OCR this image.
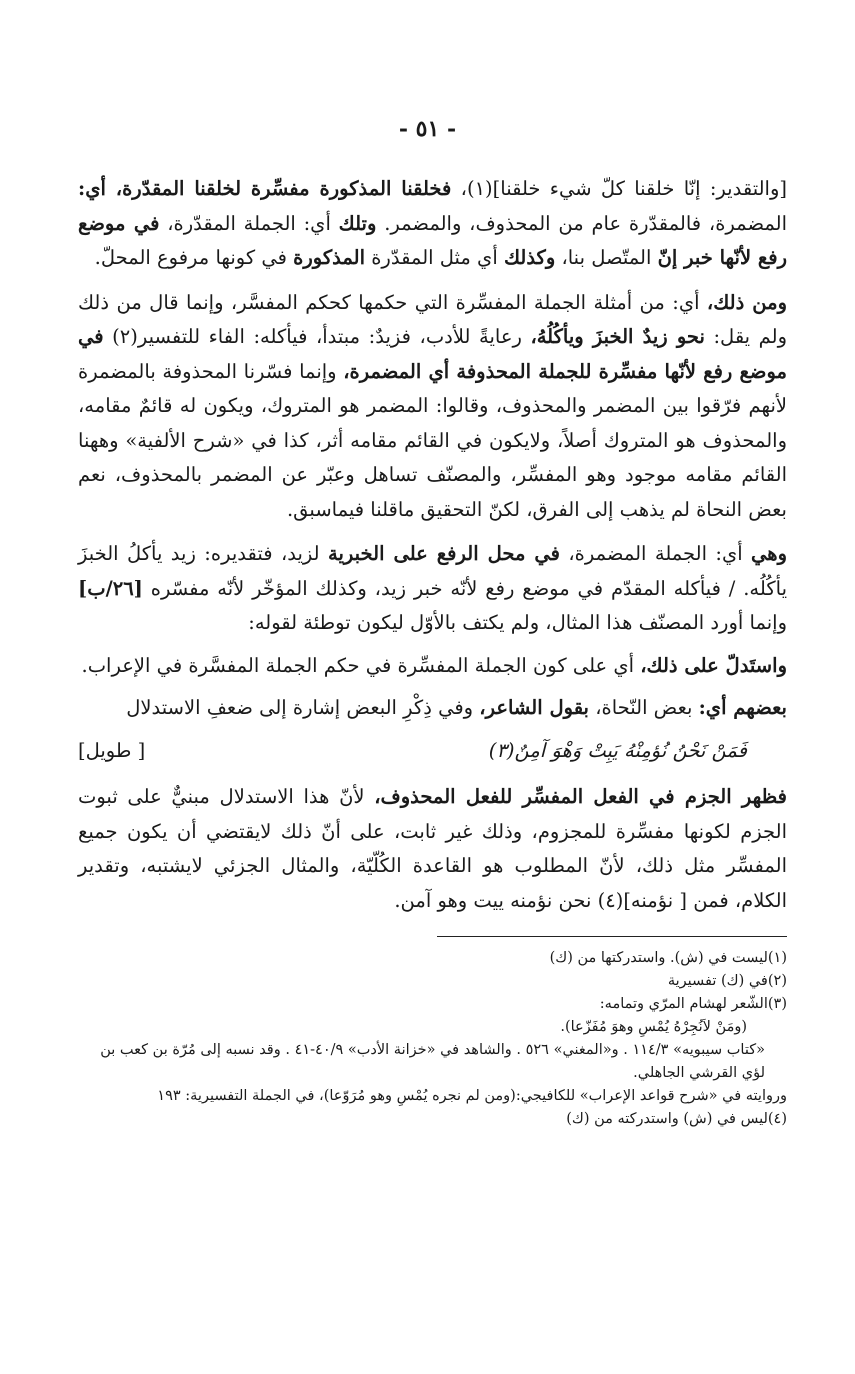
- ٥١ -

[والتقدير: إنّا خلقنا كلّ شيء خلقنا](١)، فخلقنا المذكورة مفسِّرة لخلقنا المقدّرة، أي: المضمرة، فالمقدّرة عام من المحذوف، والمضمر. وتلك أي: الجملة المقدّرة، في موضع رفع لأنّها خبر إنّ المتّصل بنا، وكذلك أي مثل المقدّرة المذكورة في كونها مرفوع المحلّ.

ومن ذلك، أي: من أمثلة الجملة المفسِّرة التي حكمها كحكم المفسَّر، وإنما قال من ذلك ولم يقل: نحو زيدٌ الخبزَ ويأكُلُهُ، رعايةً للأدب، فزيدٌ: مبتدأ، فيأكله: الفاء للتفسير(٢) في موضع رفع لأنّها مفسِّرة للجملة المحذوفة أي المضمرة، وإنما فسّرنا المحذوفة بالمضمرة لأنهم فرّقوا بين المضمر والمحذوف، وقالوا: المضمر هو المتروك، ويكون له قائمٌ مقامه، والمحذوف هو المتروك أصلاً، ولايكون في القائم مقامه أثر، كذا في «شرح الألفية» وههنا القائم مقامه موجود وهو المفسِّر، والمصنّف تساهل وعبّر عن المضمر بالمحذوف، نعم بعض النحاة لم يذهب إلى الفرق، لكنّ التحقيق ماقلنا فيماسبق.

وهي أي: الجملة المضمرة، في محل الرفع على الخبرية لزيد، فتقديره: زيد يأكلُ الخبزَ يأكُلُه. / فيأكله المقدّم في موضع رفع لأنّه خبر زيد، وكذلك المؤخّر لأنّه مفسّره [٢٦/ب] وإنما أورد المصنّف هذا المثال، ولم يكتف بالأوّل ليكون توطئة لقوله:

واستَدلّ على ذلك، أي على كون الجملة المفسِّرة في حكم الجملة المفسَّرة في الإعراب.

بعضهم أي: بعض النّحاة، بقول الشاعر، وفي ذِكْرِ البعض إشارة إلى ضعفِ الاستدلال

فَمَنْ نَحْنُ نُؤمِنْهُ يَبِتْ وَهْوَ آمِنٌ(٣)
[ طويل]

فظهر الجزم في الفعل المفسِّر للفعل المحذوف، لأنّ هذا الاستدلال مبنيٌّ على ثبوت الجزم لكونها مفسِّرة للمجزوم، وذلك غير ثابت، على أنّ ذلك لايقتضي أن يكون جميع المفسِّر مثل ذلك، لأنّ المطلوب هو القاعدة الكُلّيّة، والمثال الجزئي لايشتبه، وتقدير الكلام، فمن [ نؤمنه](٤) نحن نؤمنه ييت وهو آمن.

(١)ليست في (ش). واستدركتها من (ك)

(٢)في (ك) تفسيرية

(٣)الشّعر لهشام المرّي وتمامه:

(ومَنْ لاَنُجِرْهُ يُمْسِ وهوَ مُفَزّعا).

«كتاب سيبويه» ١١٤/٣ . و«المغني» ٥٢٦ . والشاهد في «خزانة الأدب» ٤٠/٩-٤١ . وقد نسبه إلى مُرّة بن كعب بن لؤي القرشي الجاهلي.

وروايته في «شرح قواعد الإعراب» للكافيجي:(ومن لم نجره يُمْسِ وهو مُرَوّعا)، في الجملة التفسيرية: ١٩٣

(٤)ليس في (ش) واستدركته من (ك)
